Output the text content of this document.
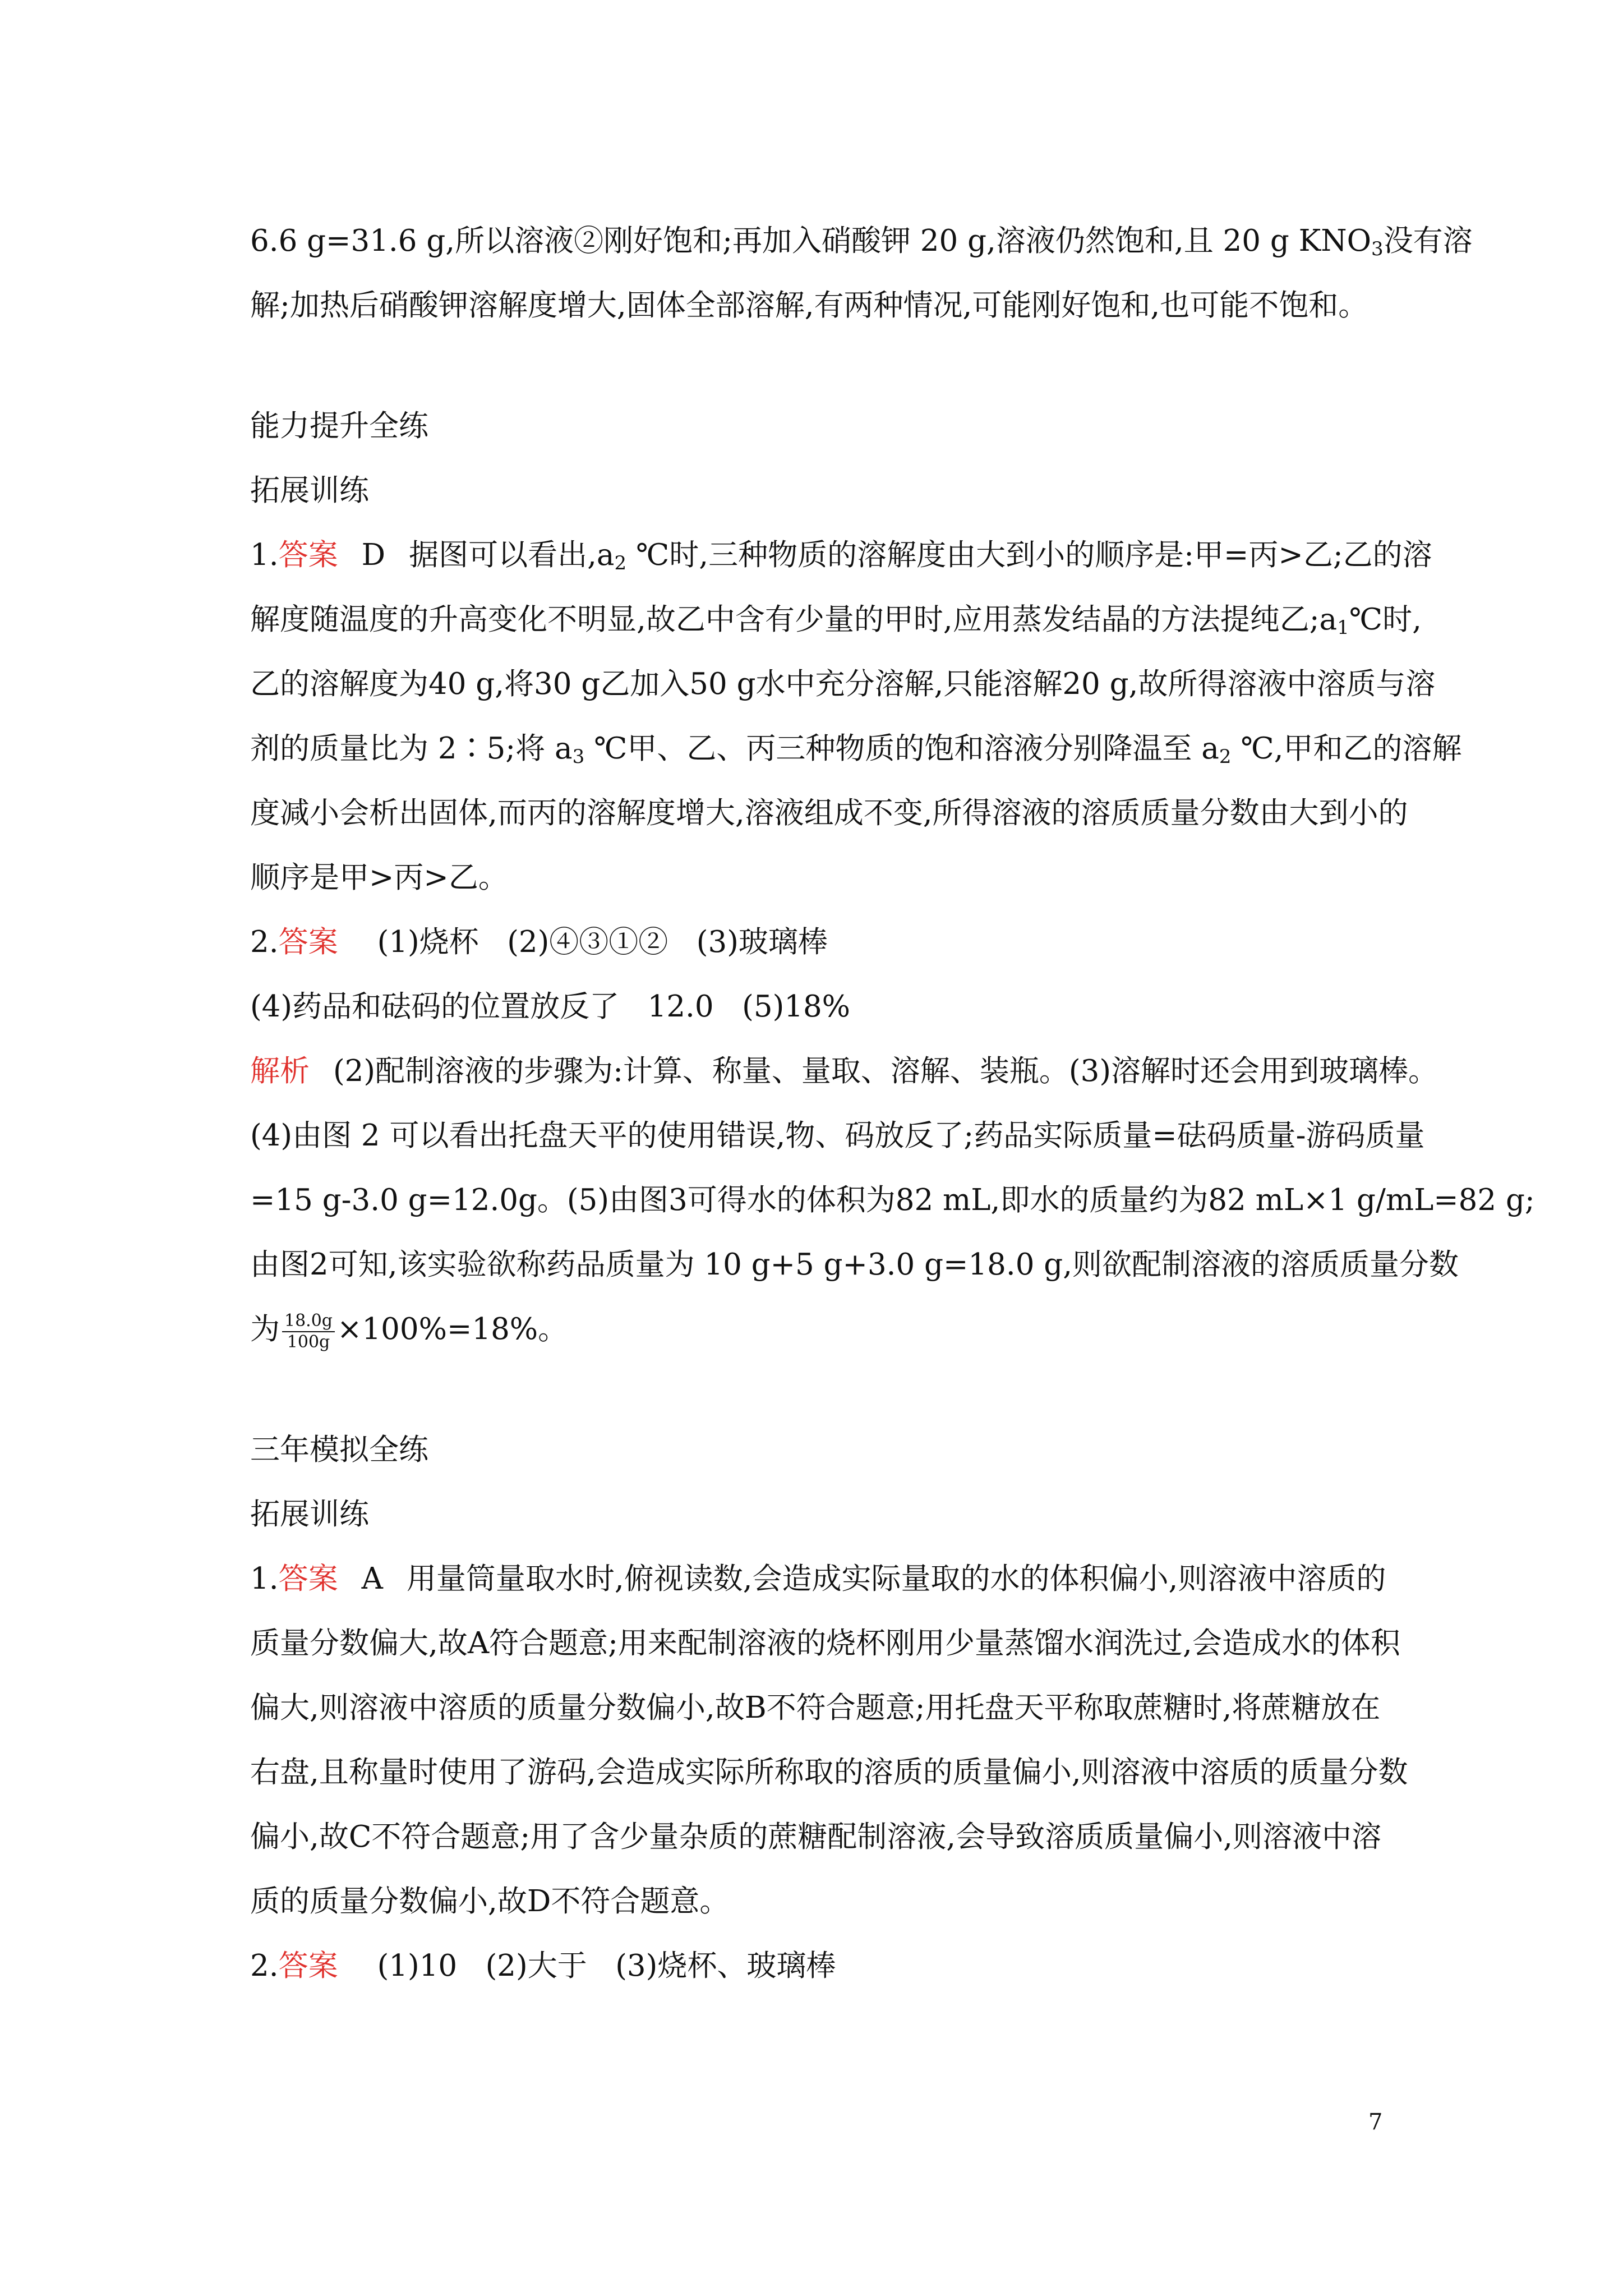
6.6 g=31.6 g,所以溶液②刚好饱和;再加入硝酸钾 20 g,溶液仍然饱和,且 20 g $KNO_3$没有溶

解;加热后硝酸钾溶解度增大,固体全部溶解,有两种情况,可能刚好饱和,也可能不饱和。

能力提升全练

拓展训练

1.答案 D 据图可以看出$,a_2$ ℃时,三种物质的溶解度由大到小的顺序是:甲=丙>乙;乙的溶

解度随温度的升高变化不明显,故乙中含有少量的甲时,应用蒸发结晶的方法提纯乙$;a_1℃$时,

乙的溶解度为40 g,将30 g乙加入50 g水中充分溶解,只能溶解20 g,故所得溶液中溶质与溶

剂的质量比为 2∶5;将 $a_3$ ℃甲、乙、丙三种物质的饱和溶液分别降温至 $a_2$ ℃,甲和乙的溶解

度减小会析出固体,而丙的溶解度增大,溶液组成不变,所得溶液的溶质质量分数由大到小的

顺序是甲>丙>乙。

2.答案 (1)烧杯   (2)④③①②   (3)玻璃棒

(4)药品和砝码的位置放反了   12.0   (5)18%

解析 (2)配制溶液的步骤为:计算、称量、量取、溶解、装瓶。(3)溶解时还会用到玻璃棒。

(4)由图 2 可以看出托盘天平的使用错误,物、码放反了;药品实际质量=砝码质量-游码质量

=15 g-3.0 g=12.0g。(5)由图3可得水的体积为82 mL,即水的质量约为82 mL×1 g/mL=82 g;

由图2可知,该实验欲称药品质量为 10 g+5 g+3.0 g=18.0 g,则欲配制溶液的溶质质量分数

为 $\frac{18.0g}{100g} \times 100\%=18\%$。

三年模拟全练

拓展训练

1.答案 A 用量筒量取水时,俯视读数,会造成实际量取的水的体积偏小,则溶液中溶质的

质量分数偏大,故A符合题意;用来配制溶液的烧杯刚用少量蒸馏水润洗过,会造成水的体积

偏大,则溶液中溶质的质量分数偏小,故B不符合题意;用托盘天平称取蔗糖时,将蔗糖放在

右盘,且称量时使用了游码,会造成实际所称取的溶质的质量偏小,则溶液中溶质的质量分数

偏小,故C不符合题意;用了含少量杂质的蔗糖配制溶液,会导致溶质质量偏小,则溶液中溶

质的质量分数偏小,故D不符合题意。

2.答案 (1)10   (2)大于   (3)烧杯、玻璃棒

7
